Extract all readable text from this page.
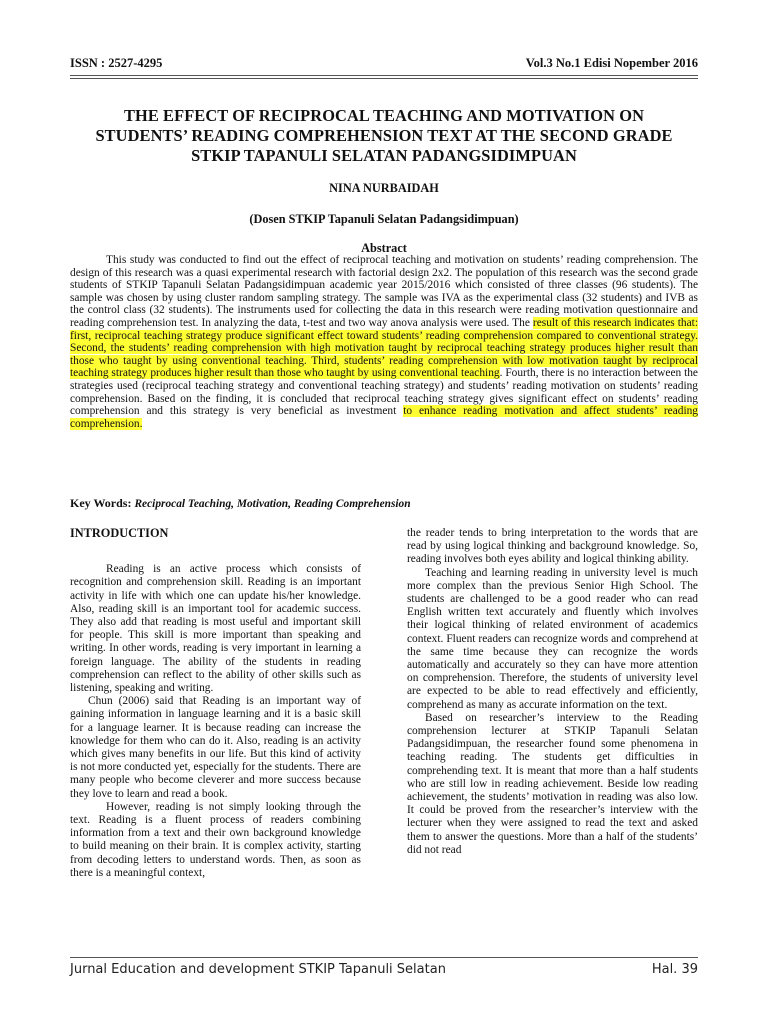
ISSN : 2527-4295	Vol.3 No.1 Edisi Nopember 2016
THE EFFECT OF RECIPROCAL TEACHING AND MOTIVATION ON
STUDENTS’ READING COMPREHENSION TEXT AT THE SECOND GRADE
STKIP TAPANULI SELATAN PADANGSIDIMPUAN
NINA NURBAIDAH
(Dosen STKIP Tapanuli Selatan Padangsidimpuan)
Abstract

This study was conducted to find out the effect of reciprocal teaching and motivation on students’ reading comprehension. The design of this research was a quasi experimental research with factorial design 2x2. The population of this research was the second grade students of STKIP Tapanuli Selatan Padangsidimpuan academic year 2015/2016 which consisted of three classes (96 students). The sample was chosen by using cluster random sampling strategy. The sample was IVA as the experimental class (32 students) and IVB as the control class (32 students). The instruments used for collecting the data in this research were reading motivation questionnaire and reading comprehension test. In analyzing the data, t-test and two way anova analysis were used. The result of this research indicates that: first, reciprocal teaching strategy produce significant effect toward students’ reading comprehension compared to conventional strategy. Second, the students’ reading comprehension with high motivation taught by reciprocal teaching strategy produces higher result than those who taught by using conventional teaching. Third, students’ reading comprehension with low motivation taught by reciprocal teaching strategy produces higher result than those who taught by using conventional teaching. Fourth, there is no interaction between the strategies used (reciprocal teaching strategy and conventional teaching strategy) and students’ reading motivation on students’ reading comprehension. Based on the finding, it is concluded that reciprocal teaching strategy gives significant effect on students’ reading comprehension and this strategy is very beneficial as investment to enhance reading motivation and affect students’ reading comprehension.

Key Words: Reciprocal Teaching, Motivation, Reading Comprehension
INTRODUCTION

Reading is an active process which consists of recognition and comprehension skill. Reading is an important activity in life with which one can update his/her knowledge. Also, reading skill is an important tool for academic success. They also add that reading is most useful and important skill for people. This skill is more important than speaking and writing. In other words, reading is very important in learning a foreign language. The ability of the students in reading comprehension can reflect to the ability of other skills such as listening, speaking and writing.

Chun (2006) said that Reading is an important way of gaining information in language learning and it is a basic skill for a language learner. It is because reading can increase the knowledge for them who can do it. Also, reading is an activity which gives many benefits in our life. But this kind of activity is not more conducted yet, especially for the students. There are many people who become cleverer and more success because they love to learn and read a book.

However, reading is not simply looking through the text. Reading is a fluent process of readers combining information from a text and their own background knowledge to build meaning on their brain. It is complex activity, starting from decoding letters to understand words. Then, as soon as there is a meaningful context,

the reader tends to bring interpretation to the words that are read by using logical thinking and background knowledge. So, reading involves both eyes ability and logical thinking ability.

Teaching and learning reading in university level is much more complex than the previous Senior High School. The students are challenged to be a good reader who can read English written text accurately and fluently which involves their logical thinking of related environment of academics context. Fluent readers can recognize words and comprehend at the same time because they can recognize the words automatically and accurately so they can have more attention on comprehension. Therefore, the students of university level are expected to be able to read effectively and efficiently, comprehend as many as accurate information on the text.

Based on researcher’s interview to the Reading comprehension lecturer at STKIP Tapanuli Selatan Padangsidimpuan, the researcher found some phenomena in teaching reading. The students get difficulties in comprehending text. It is meant that more than a half students who are still low in reading achievement. Beside low reading achievement, the students’ motivation in reading was also low. It could be proved from the researcher’s interview with the lecturer when they were assigned to read the text and asked them to answer the questions. More than a half of the students’ did not read

Jurnal Education and development STKIP Tapanuli Selatan	Hal. 39
